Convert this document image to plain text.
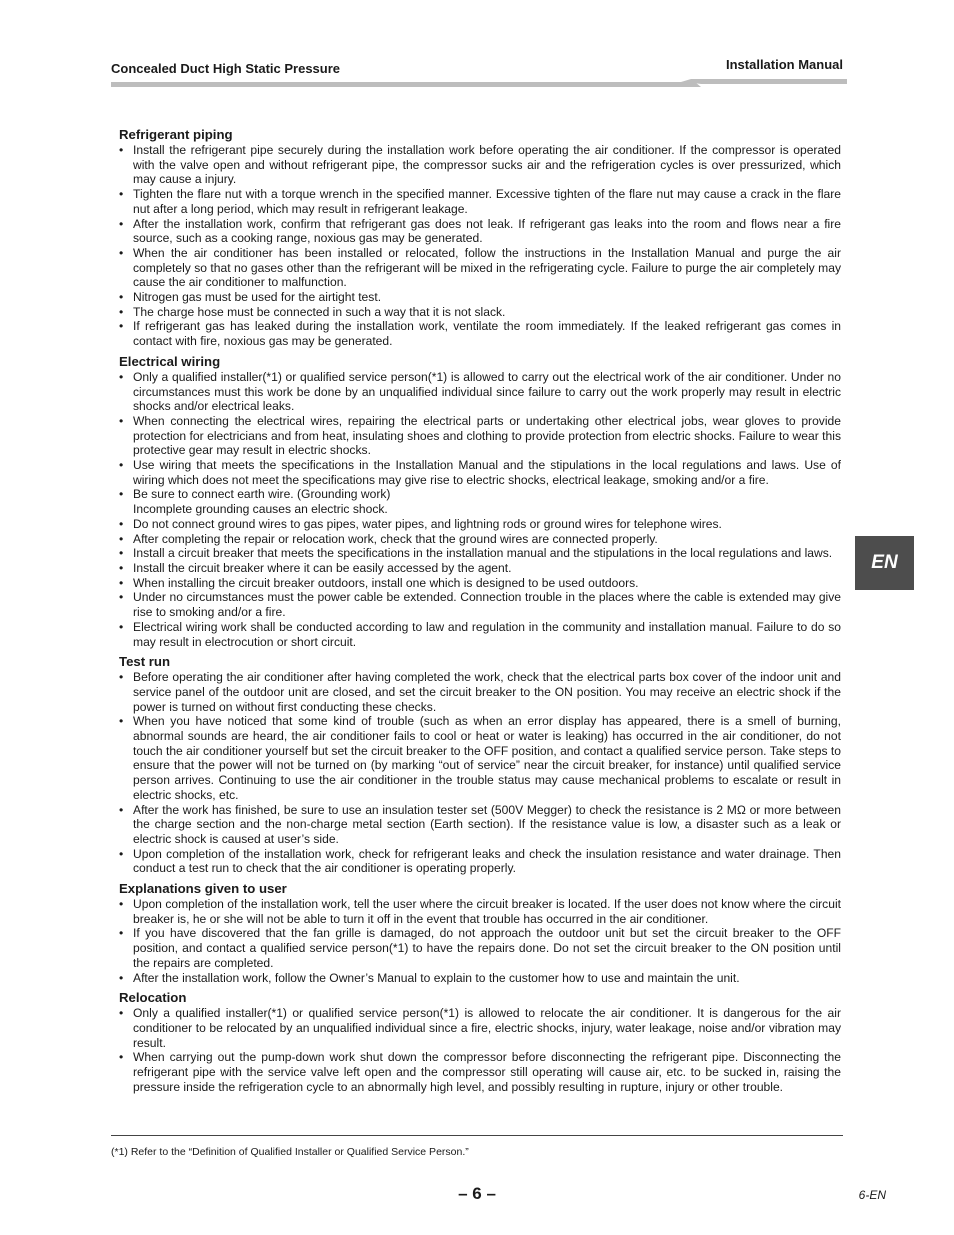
Concealed Duct High Static Pressure	Installation Manual
Refrigerant piping
• Install the refrigerant pipe securely during the installation work before operating the air conditioner. If the compressor is operated with the valve open and without refrigerant pipe, the compressor sucks air and the refrigeration cycles is over pressurized, which may cause a injury.
• Tighten the flare nut with a torque wrench in the specified manner. Excessive tighten of the flare nut may cause a crack in the flare nut after a long period, which may result in refrigerant leakage.
• After the installation work, confirm that refrigerant gas does not leak. If refrigerant gas leaks into the room and flows near a fire source, such as a cooking range, noxious gas may be generated.
• When the air conditioner has been installed or relocated, follow the instructions in the Installation Manual and purge the air completely so that no gases other than the refrigerant will be mixed in the refrigerating cycle. Failure to purge the air completely may cause the air conditioner to malfunction.
• Nitrogen gas must be used for the airtight test.
• The charge hose must be connected in such a way that it is not slack.
• If refrigerant gas has leaked during the installation work, ventilate the room immediately. If the leaked refrigerant gas comes in contact with fire, noxious gas may be generated.
Electrical wiring
• Only a qualified installer(*1) or qualified service person(*1) is allowed to carry out the electrical work of the air conditioner. Under no circumstances must this work be done by an unqualified individual since failure to carry out the work properly may result in electric shocks and/or electrical leaks.
• When connecting the electrical wires, repairing the electrical parts or undertaking other electrical jobs, wear gloves to provide protection for electricians and from heat, insulating shoes and clothing to provide protection from electric shocks. Failure to wear this protective gear may result in electric shocks.
• Use wiring that meets the specifications in the Installation Manual and the stipulations in the local regulations and laws. Use of wiring which does not meet the specifications may give rise to electric shocks, electrical leakage, smoking and/or a fire.
• Be sure to connect earth wire. (Grounding work)
Incomplete grounding causes an electric shock.
• Do not connect ground wires to gas pipes, water pipes, and lightning rods or ground wires for telephone wires.
• After completing the repair or relocation work, check that the ground wires are connected properly.
• Install a circuit breaker that meets the specifications in the installation manual and the stipulations in the local regulations and laws.
• Install the circuit breaker where it can be easily accessed by the agent.
• When installing the circuit breaker outdoors, install one which is designed to be used outdoors.
• Under no circumstances must the power cable be extended. Connection trouble in the places where the cable is extended may give rise to smoking and/or a fire.
• Electrical wiring work shall be conducted according to law and regulation in the community and installation manual. Failure to do so may result in electrocution or short circuit.
Test run
• Before operating the air conditioner after having completed the work, check that the electrical parts box cover of the indoor unit and service panel of the outdoor unit are closed, and set the circuit breaker to the ON position. You may receive an electric shock if the power is turned on without first conducting these checks.
• When you have noticed that some kind of trouble (such as when an error display has appeared, there is a smell of burning, abnormal sounds are heard, the air conditioner fails to cool or heat or water is leaking) has occurred in the air conditioner, do not touch the air conditioner yourself but set the circuit breaker to the OFF position, and contact a qualified service person. Take steps to ensure that the power will not be turned on (by marking “out of service” near the circuit breaker, for instance) until qualified service person arrives. Continuing to use the air conditioner in the trouble status may cause mechanical problems to escalate or result in electric shocks, etc.
• After the work has finished, be sure to use an insulation tester set (500V Megger) to check the resistance is 2 MΩ or more between the charge section and the non-charge metal section (Earth section). If the resistance value is low, a disaster such as a leak or electric shock is caused at user’s side.
• Upon completion of the installation work, check for refrigerant leaks and check the insulation resistance and water drainage. Then conduct a test run to check that the air conditioner is operating properly.
Explanations given to user
• Upon completion of the installation work, tell the user where the circuit breaker is located. If the user does not know where the circuit breaker is, he or she will not be able to turn it off in the event that trouble has occurred in the air conditioner.
• If you have discovered that the fan grille is damaged, do not approach the outdoor unit but set the circuit breaker to the OFF position, and contact a qualified service person(*1) to have the repairs done. Do not set the circuit breaker to the ON position until the repairs are completed.
• After the installation work, follow the Owner’s Manual to explain to the customer how to use and maintain the unit.
Relocation
• Only a qualified installer(*1) or qualified service person(*1) is allowed to relocate the air conditioner. It is dangerous for the air conditioner to be relocated by an unqualified individual since a fire, electric shocks, injury, water leakage, noise and/or vibration may result.
• When carrying out the pump-down work shut down the compressor before disconnecting the refrigerant pipe. Disconnecting the refrigerant pipe with the service valve left open and the compressor still operating will cause air, etc. to be sucked in, raising the pressure inside the refrigeration cycle to an abnormally high level, and possibly resulting in rupture, injury or other trouble.
EN
(*1) Refer to the “Definition of Qualified Installer or Qualified Service Person.”
– 6 –	6-EN
